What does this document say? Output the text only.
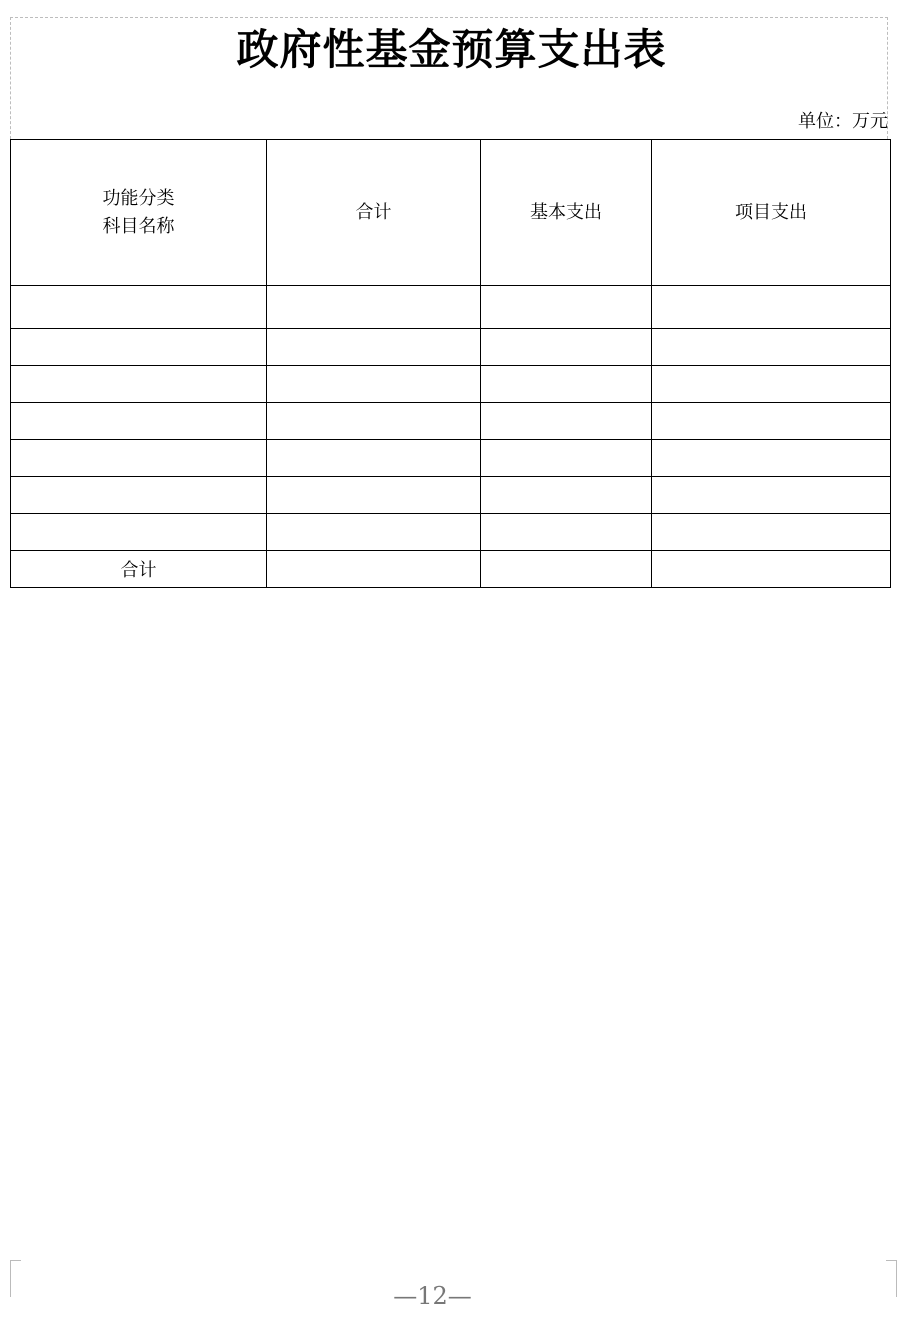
政府性基金预算支出表
单位：万元
功能分类
科目名称	合计	基本支出	项目支出

合计			
—12—
